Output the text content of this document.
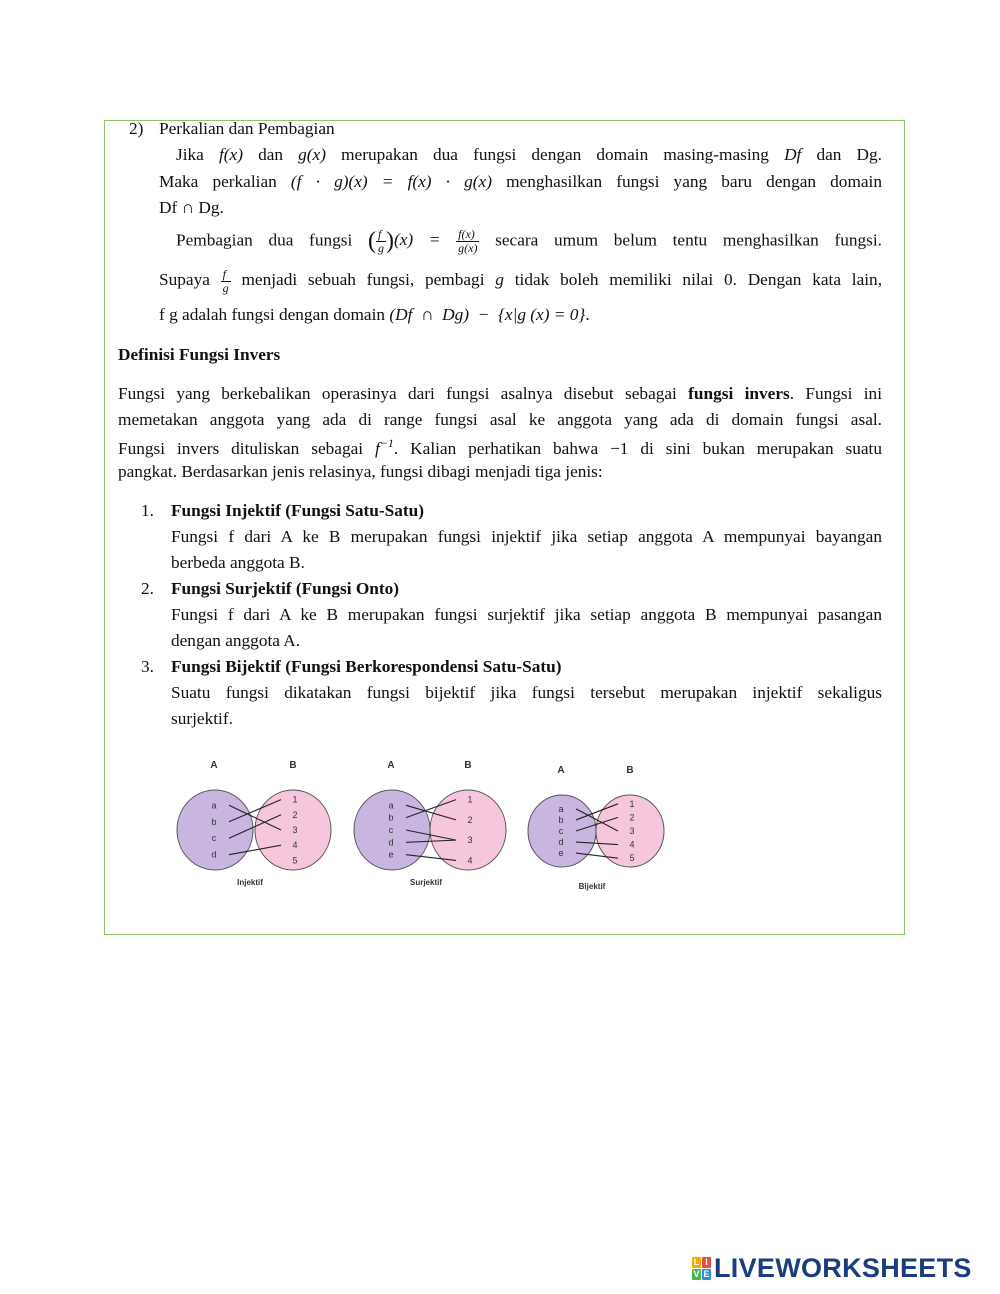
2) Perkalian dan Pembagian
Jika f(x) dan g(x) merupakan dua fungsi dengan domain masing-masing Df dan Dg.
Maka perkalian (f · g)(x) = f(x) · g(x) menghasilkan fungsi yang baru dengan domain
Df ∩ Dg.
Pembagian dua fungsi ( $\frac{f}{g} )(x) = \frac{f(x)}{g(x)}$ secara umum belum tentu menghasilkan fungsi.
Supaya $\frac{f}{g}$ menjadi sebuah fungsi, pembagi g tidak boleh memiliki nilai 0. Dengan kata lain,
f g adalah fungsi dengan domain (Df  ∩  Dg)  −  {x|g (x) = 0}.
Definisi Fungsi Invers
Fungsi yang berkebalikan operasinya dari fungsi asalnya disebut sebagai fungsi invers. Fungsi ini
memetakan anggota yang ada di range fungsi asal ke anggota yang ada di domain fungsi asal.
Fungsi invers dituliskan sebagai $f^{-1}$. Kalian perhatikan bahwa −1 di sini bukan merupakan suatu
pangkat. Berdasarkan jenis relasinya, fungsi dibagi menjadi tiga jenis:
1. Fungsi Injektif (Fungsi Satu-Satu)
Fungsi f dari A ke B merupakan fungsi injektif jika setiap anggota A mempunyai bayangan
berbeda anggota B.
2. Fungsi Surjektif (Fungsi Onto)
Fungsi f dari A ke B merupakan fungsi surjektif jika setiap anggota B mempunyai pasangan
dengan anggota A.
3. Fungsi Bijektif (Fungsi Berkorespondensi Satu-Satu)
Suatu fungsi dikatakan fungsi bijektif jika fungsi tersebut merupakan injektif sekaligus
surjektif.
A	B
a
b
c
d
1
2
3
4
5
Injektif
A	B
a
b
c
d
e
1
2
3
4
Surjektif
A	B
a
b
c
d
e
1
2
3
4
5
Bijektif
L I
V E LIVEWORKSHEETS
